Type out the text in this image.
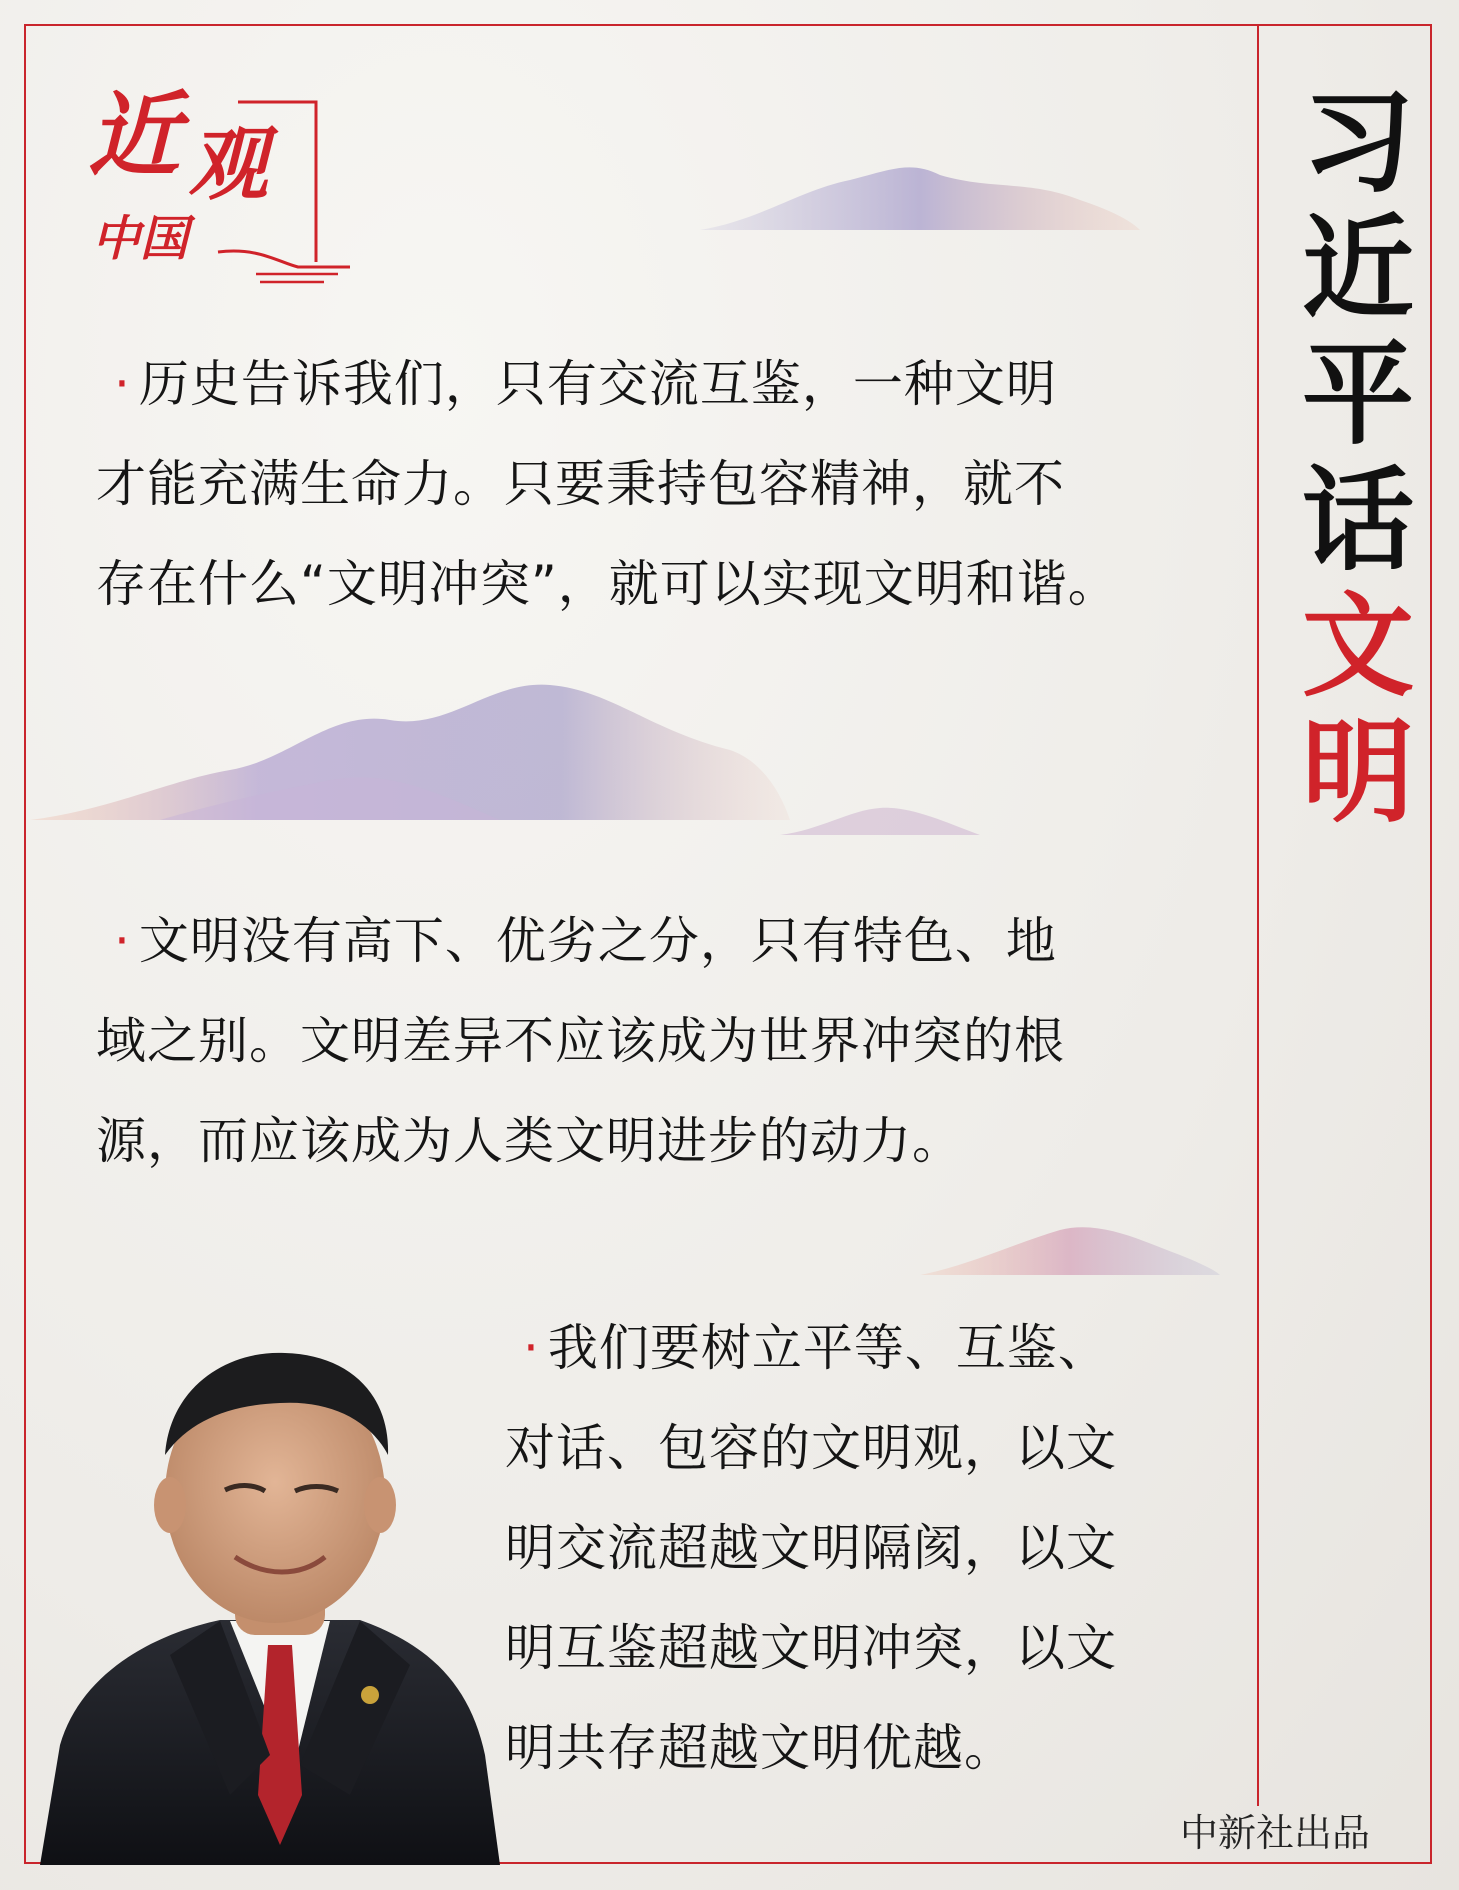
近 观
中国
习
近
平
话
文
明
· 历史告诉我们，只有交流互鉴，一种文明
才能充满生命力。只要秉持包容精神，就不
存在什么“文明冲突”，就可以实现文明和谐。
· 文明没有高下、优劣之分，只有特色、地
域之别。文明差异不应该成为世界冲突的根
源，而应该成为人类文明进步的动力。
· 我们要树立平等、互鉴、
对话、包容的文明观，以文
明交流超越文明隔阂，以文
明互鉴超越文明冲突，以文
明共存超越文明优越。
中新社出品
